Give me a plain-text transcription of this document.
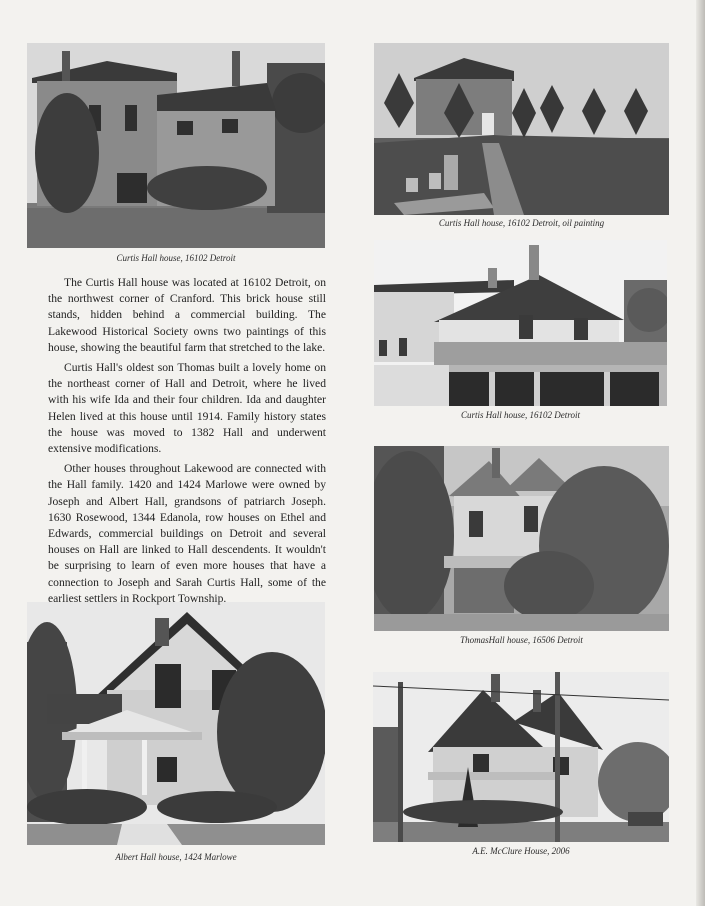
Curtis Hall house, 16102 Detroit
Curtis Hall house, 16102 Detroit, oil painting
Curtis Hall house, 16102 Detroit
ThomasHall house, 16506 Detroit
Albert Hall house, 1424 Marlowe
A.E. McClure House, 2006

The Curtis Hall house was located at 16102 Detroit, on the northwest corner of Cranford. This brick house still stands, hidden behind a commercial building. The Lakewood Historical Society owns two paintings of this house, showing the beautiful farm that stretched to the lake.

Curtis Hall's oldest son Thomas built a lovely home on the northeast corner of Hall and Detroit, where he lived with his wife Ida and their four children. Ida and daughter Helen lived at this house until 1914. Family history states the house was moved to 1382 Hall and underwent extensive modifications.

Other houses throughout Lakewood are connected with the Hall family. 1420 and 1424 Marlowe were owned by Joseph and Albert Hall, grandsons of patriarch Joseph. 1630 Rosewood, 1344 Edanola, row houses on Ethel and Edwards, commercial buildings on Detroit and several houses on Hall are linked to Hall descendents. It wouldn't be surprising to learn of even more houses that have a connection to Joseph and Sarah Curtis Hall, some of the earliest settlers in Rockport Township.
